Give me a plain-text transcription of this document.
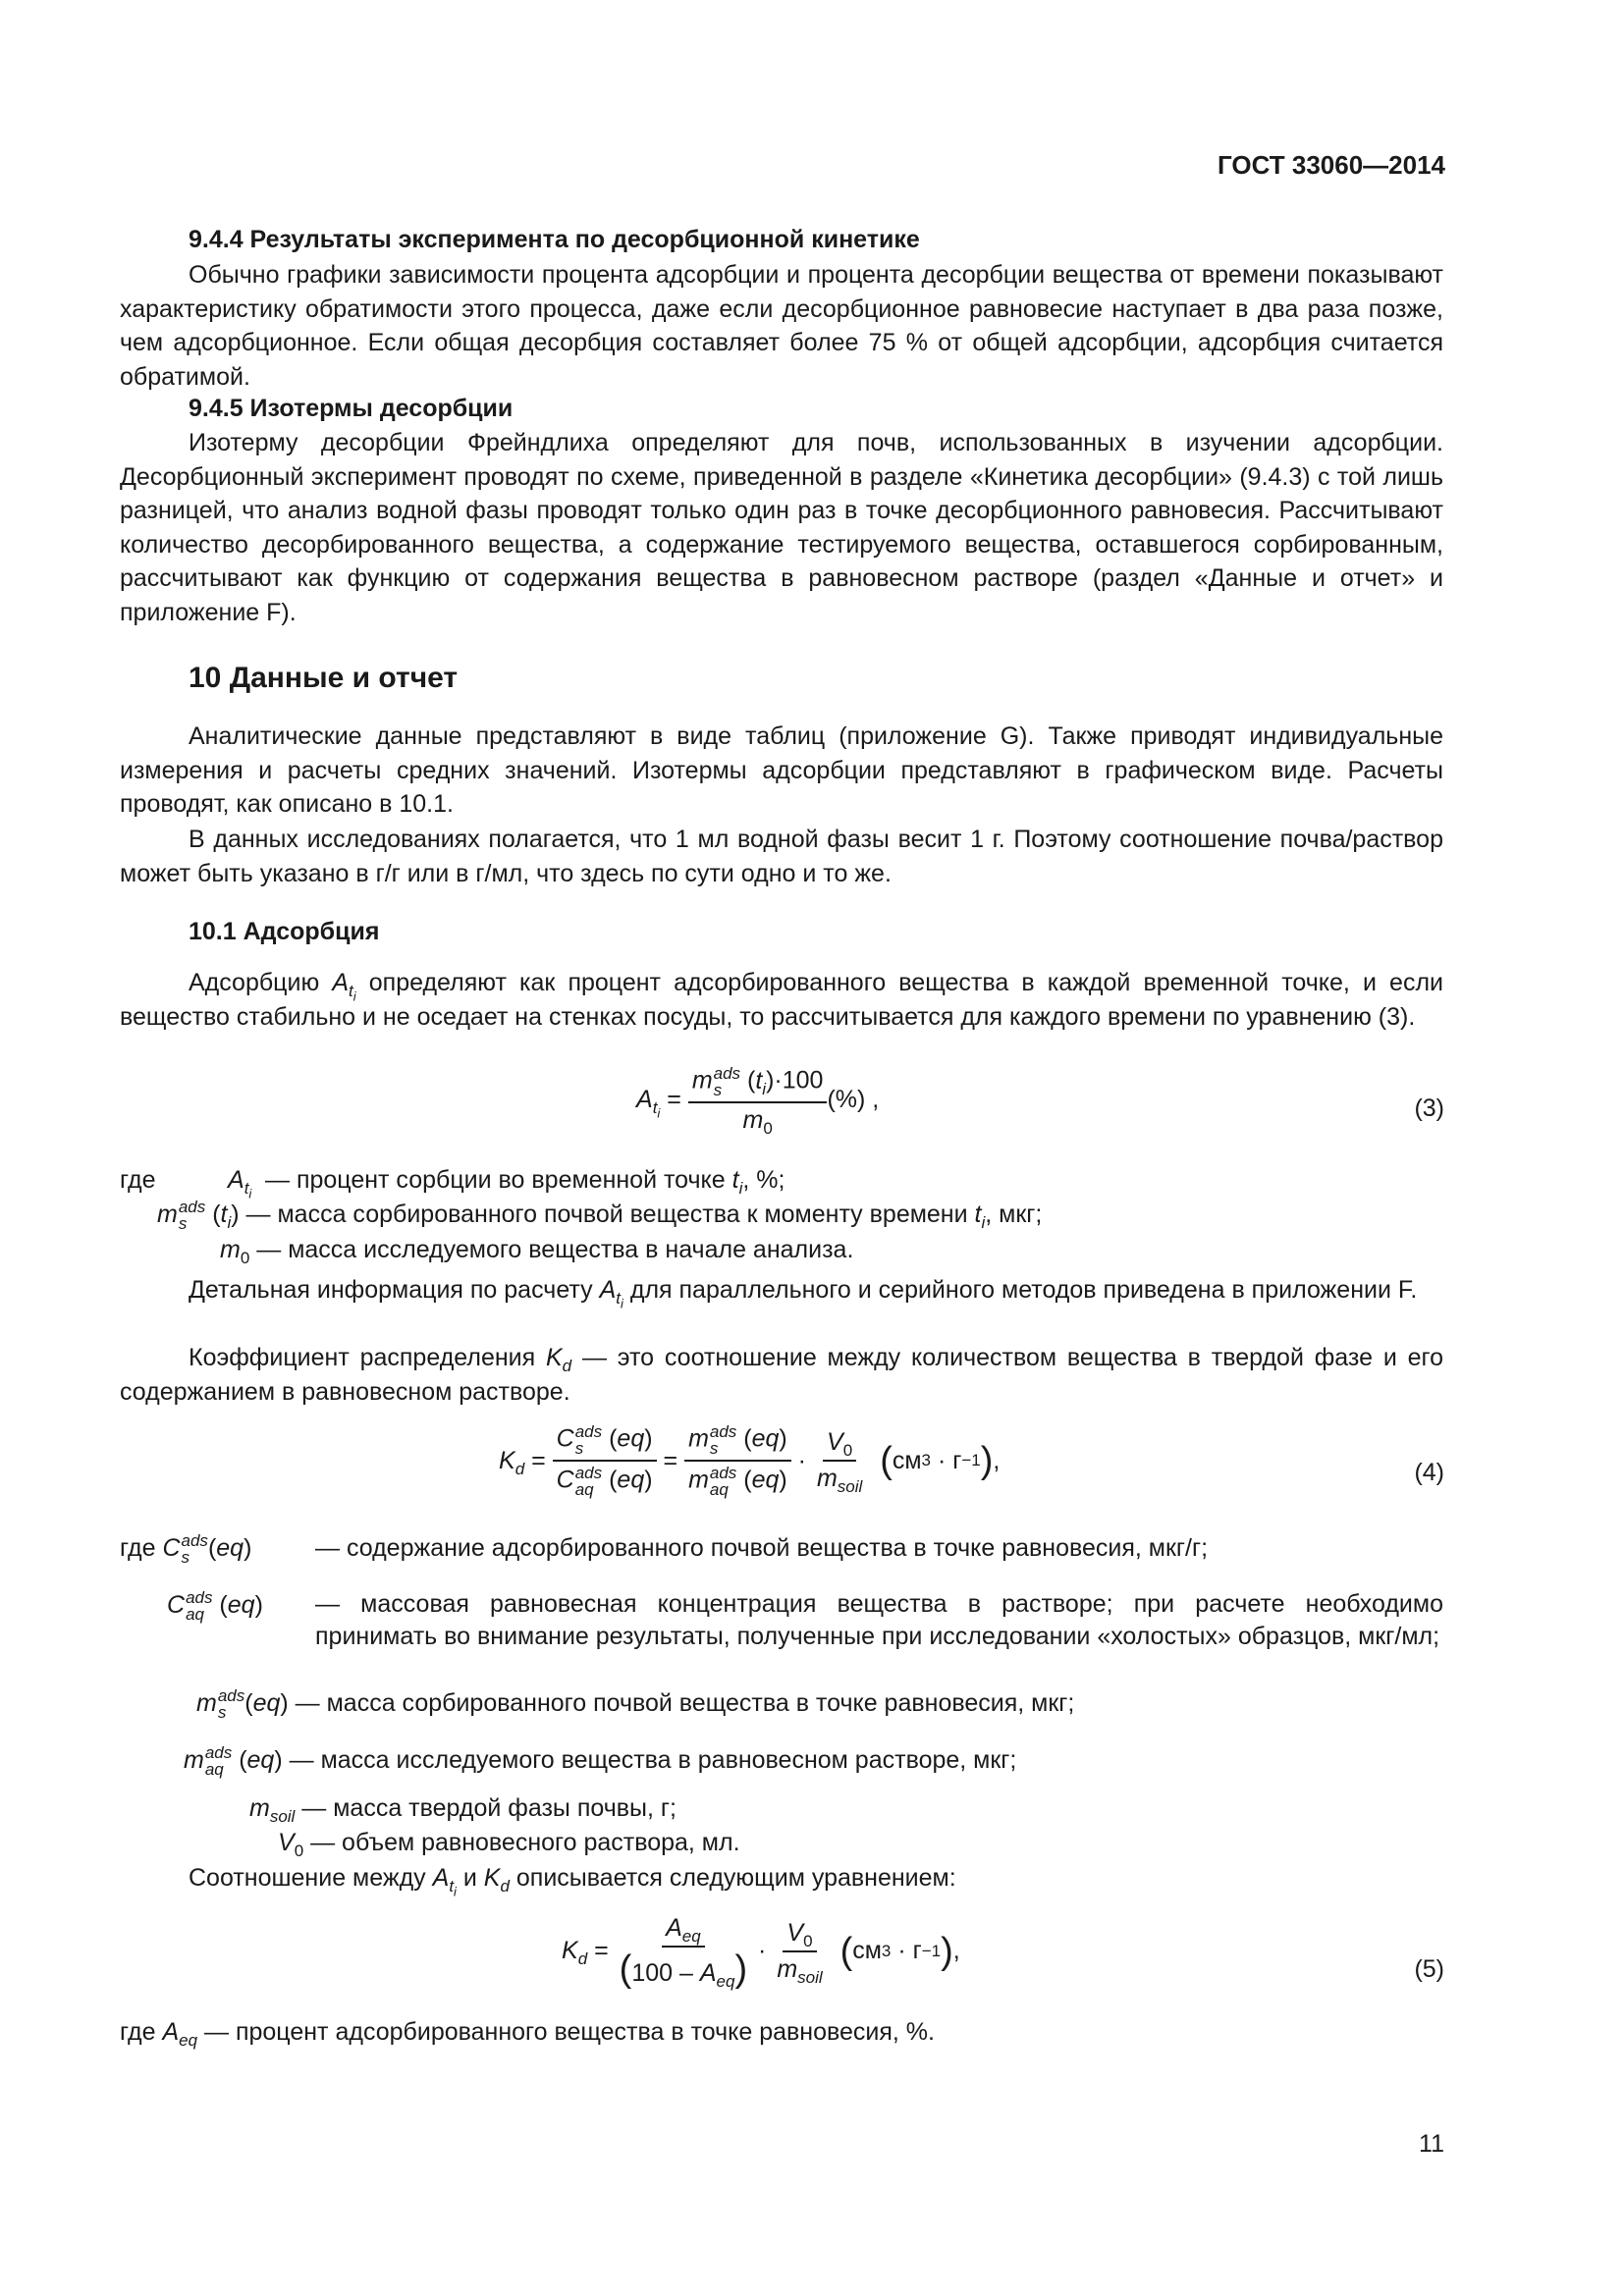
ГОСТ 33060—2014
9.4.4 Результаты эксперимента по десорбционной кинетике

Обычно графики зависимости процента адсорбции и процента десорбции вещества от времени показывают характеристику обратимости этого процесса, даже если десорбционное равновесие наступает в два раза позже, чем адсорбционное. Если общая десорбция составляет более 75 % от общей адсорбции, адсорбция считается обратимой.

9.4.5 Изотермы десорбции

Изотерму десорбции Фрейндлиха определяют для почв, использованных в изучении адсорбции. Десорбционный эксперимент проводят по схеме, приведенной в разделе «Кинетика десорбции» (9.4.3) с той лишь разницей, что анализ водной фазы проводят только один раз в точке десорбционного равновесия. Рассчитывают количество десорбированного вещества, а содержание тестируемого вещества, оставшегося сорбированным, рассчитывают как функцию от содержания вещества в равновесном растворе (раздел «Данные и отчет» и приложение F).

10 Данные и отчет

Аналитические данные представляют в виде таблиц (приложение G). Также приводят индивидуальные измерения и расчеты средних значений. Изотермы адсорбции представляют в графическом виде. Расчеты проводят, как описано в 10.1.

В данных исследованиях полагается, что 1 мл водной фазы весит 1 г. Поэтому соотношение почва/раствор может быть указано в г/г или в г/мл, что здесь по сути одно и то же.

10.1 Адсорбция

Адсорбцию $A_{t_i}$ определяют как процент адсорбированного вещества в каждой временной точке, и если вещество стабильно и не оседает на стенках посуды, то рассчитывается для каждого времени по уравнению (3).

$A_{t_i} = m$ ads
s $(t_i)\cdot 100$
$m_0$ (%) ,	(3)
где	$A_{t_i}$ — процент сорбции во временной точке $t_i$, %;
m ads
s $(t_i)$ — масса сорбированного почвой вещества к моменту времени $t_i$, мкг;
$m_0$ — масса исследуемого вещества в начале анализа.

Детальная информация по расчету $A_{t_i}$ для параллельного и серийного методов приведена в приложении F.

Коэффициент распределения $K_d$ — это соотношение между количеством вещества в твердой фазе и его содержанием в равновесном растворе.

$K_d = C$ ads
s (eq)
C ads
aq (eq) = m ads
s (eq)
m ads
aq $(eq) \cdot \frac{V_0}{m_{soil}}$
( см 3 · г −1 ) ,	(4)
где C ads
s (eq)	— содержание адсорбированного почвой вещества в точке равновесия, мкг/г;
C ads
aq (eq) — массовая равновесная концентрация вещества в растворе; при расчете необходимо принимать во внимание результаты, полученные при исследовании «холостых» образцов, мкг/мл;

m ads
s (eq) — масса сорбированного почвой вещества в точке равновесия, мкг;
m ads
aq (eq) — масса исследуемого вещества в равновесном растворе, мкг;
$m_{soil}$ — масса твердой фазы почвы, г;
$V_0$ — объем равновесного раствора, мл.

Соотношение между $A_{t_i}$ и $K_d$ описывается следующим уравнением:

$K_d = \frac{A_{eq}}{(100 - A_{eq})} \cdot \frac{V_0}{m_{soil}}$
( см 3 · г −1 ) ,
(5)
где $A_{eq}$ — процент адсорбированного вещества в точке равновесия, %.
11
